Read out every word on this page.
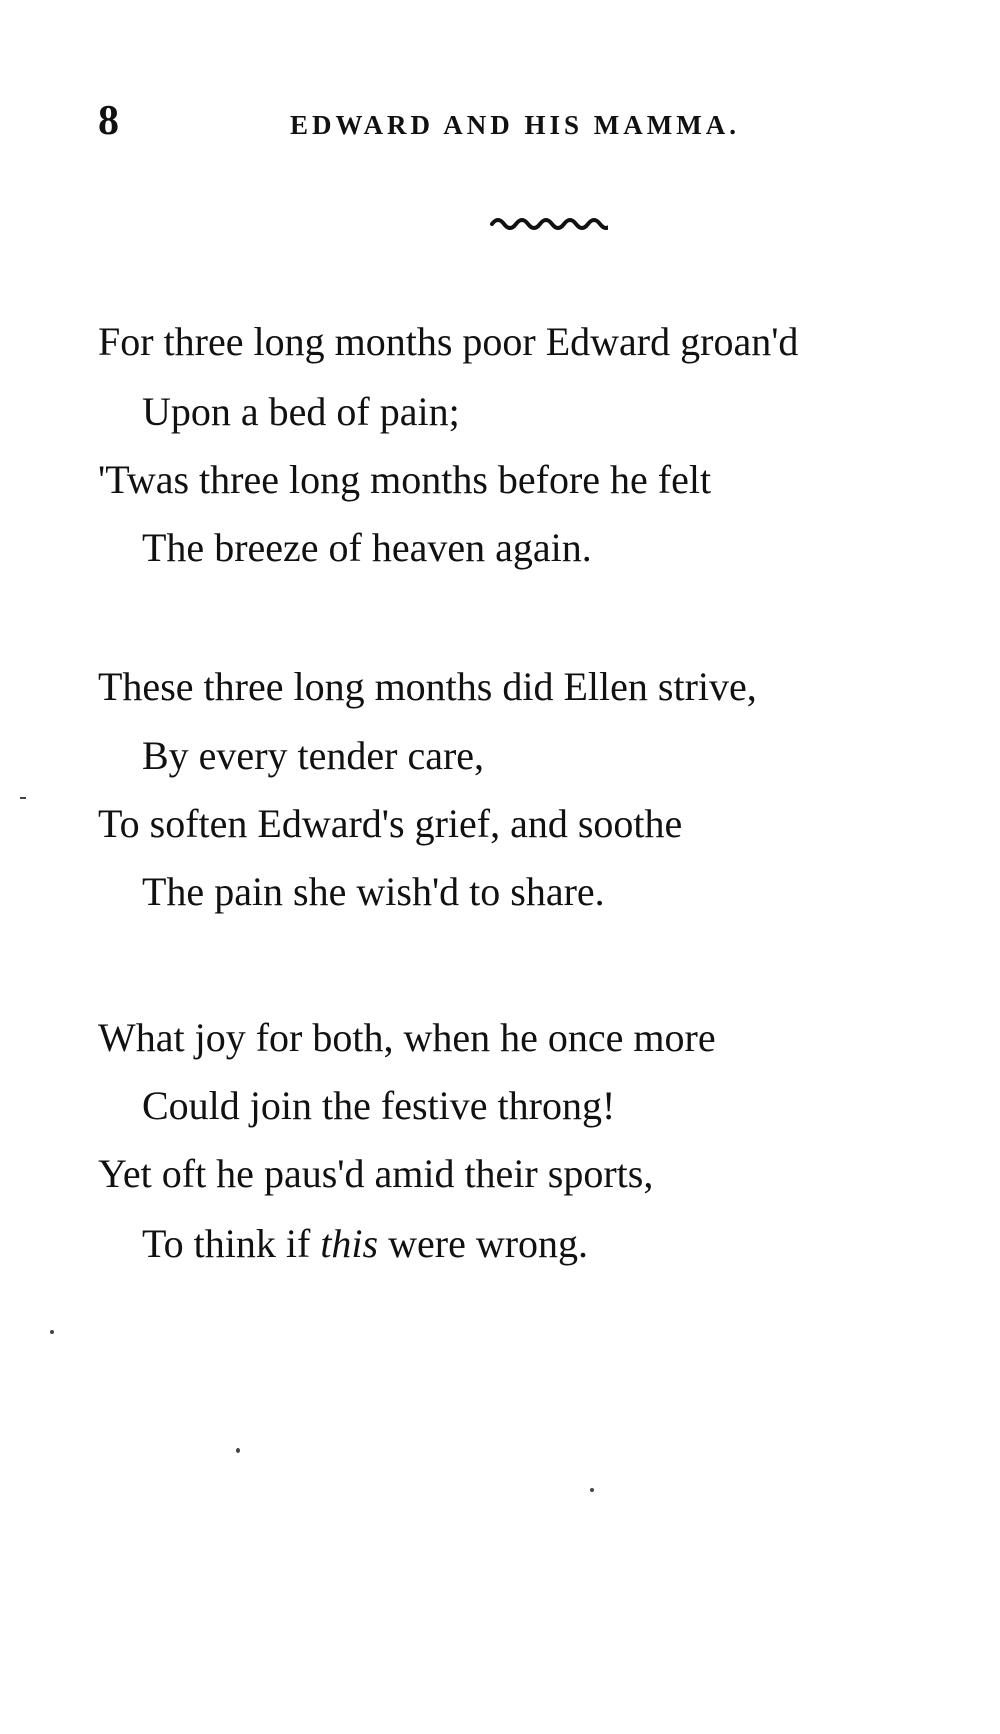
8	EDWARD AND HIS MAMMA.
For three long months poor Edward groan'd
Upon a bed of pain;
'Twas three long months before he felt
The breeze of heaven again.
These three long months did Ellen strive,
By every tender care,
To soften Edward's grief, and soothe
The pain she wish'd to share.
What joy for both, when he once more
Could join the festive throng!
Yet oft he paus'd amid their sports,
To think if this were wrong.
